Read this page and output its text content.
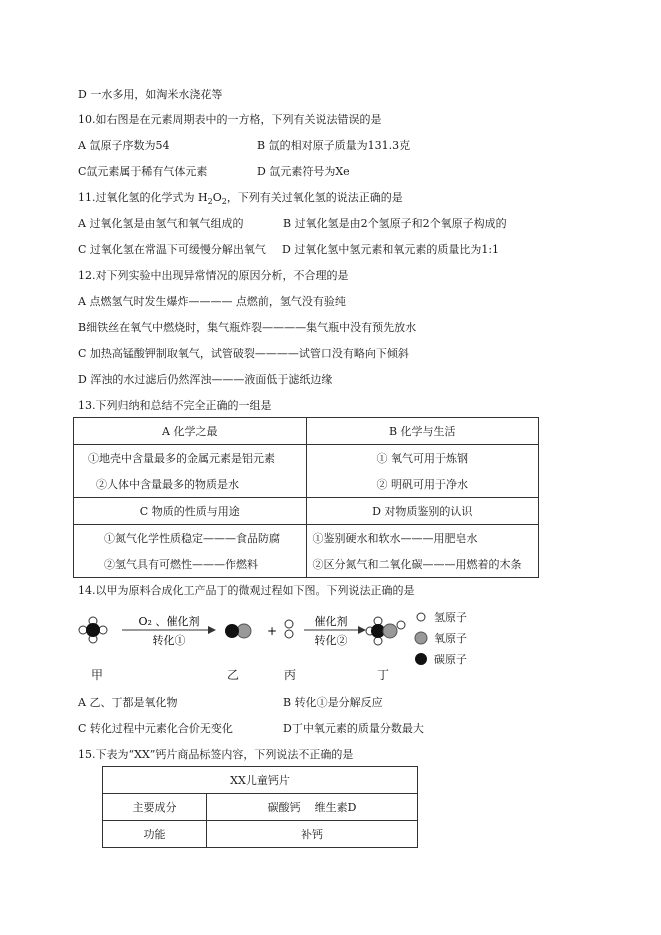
D 一水多用，如淘米水浇花等
10.如右图是在元素周期表中的一方格，下列有关说法错误的是
A 氙原子序数为54	B 氙的相对原子质量为131.3克
C氙元素属于稀有气体元素	D 氙元素符号为Xe
11.过氧化氢的化学式为 $H_2O_2$，下列有关过氧化氢的说法正确的是
A 过氧化氢是由氢气和氧气组成的	B 过氧化氢是由2个氢原子和2个氧原子构成的
C 过氧化氢在常温下可缓慢分解出氧气 D 过氧化氢中氢元素和氧元素的质量比为1:1
12.对下列实验中出现异常情况的原因分析，不合理的是
A 点燃氢气时发生爆炸———— 点燃前，氢气没有验纯
B细铁丝在氧气中燃烧时，集气瓶炸裂————集气瓶中没有预先放水
C 加热高锰酸钾制取氧气，试管破裂————试管口没有略向下倾斜
D 浑浊的水过滤后仍然浑浊———液面低于滤纸边缘
13.下列归纳和总结不完全正确的一组是
A 化学之最	B 化学与生活
①地壳中含量最多的金属元素是铝元素	① 氧气可用于炼钢
②人体中含量最多的物质是水	② 明矾可用于净水
C 物质的性质与用途	D 对物质鉴别的认识
①氮气化学性质稳定———食品防腐	①鉴别硬水和软水———用肥皂水
②氢气具有可燃性———作燃料	②区分氮气和二氧化碳———用燃着的木条
14.以甲为原料合成化工产品丁的微观过程如下图。下列说法正确的是
O₂ 、催化剂
转化①
+
催化剂
转化②
甲	乙	丙	丁
氢原子
氧原子
碳原子
A 乙、丁都是氧化物	B 转化①是分解反应
C 转化过程中元素化合价无变化	D丁中氧元素的质量分数最大
15.下表为“XX”钙片商品标签内容，下列说法不正确的是
XX儿童钙片	
主要成分	碳酸钙    维生素D
功能	补钙
